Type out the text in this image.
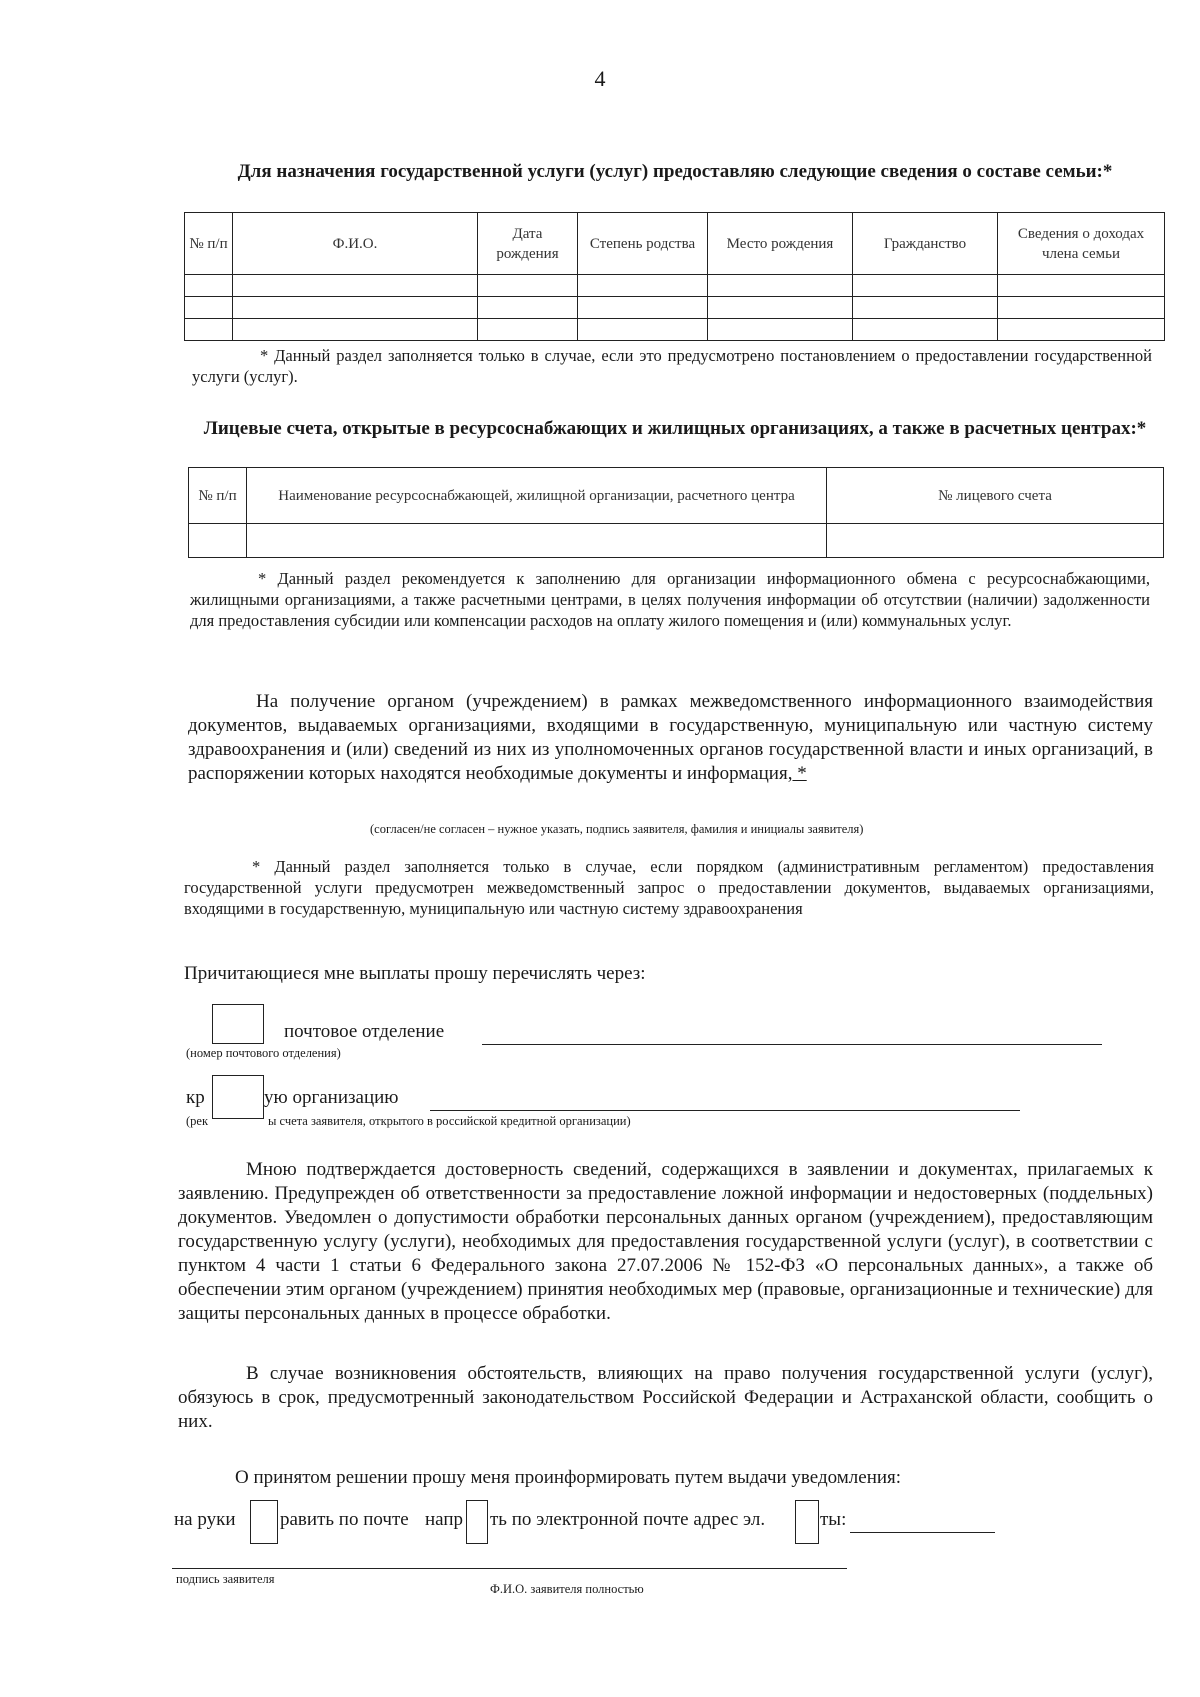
4
Для назначения государственной услуги (услуг) предоставляю следующие сведения о составе семьи:*
№ п/п	Ф.И.О.	Дата рождения	Степень родства	Место рождения	Гражданство	Сведения о доходах члена семьи

* Данный раздел заполняется только в случае, если это предусмотрено постановлением о предоставлении государственной услуги (услуг).
Лицевые счета, открытые в ресурсоснабжающих и жилищных организациях, а также в расчетных центрах:*
№ п/п	Наименование ресурсоснабжающей, жилищной организации, расчетного центра	№ лицевого счета

* Данный раздел рекомендуется к заполнению для организации информационного обмена с ресурсоснабжающими, жилищными организациями, а также расчетными центрами, в целях получения информации об отсутствии (наличии) задолженности для предоставления субсидии или компенсации расходов на оплату жилого помещения и (или) коммунальных услуг.
На получение органом (учреждением) в рамках межведомственного информационного взаимодействия документов, выдаваемых организациями, входящими в государственную, муниципальную или частную систему здравоохранения и (или) сведений из них из уполномоченных органов государственной власти и иных организаций, в распоряжении которых находятся необходимые документы и информация, *
(согласен/не согласен – нужное указать, подпись заявителя, фамилия и инициалы заявителя)
* Данный раздел заполняется только в случае, если порядком (административным регламентом) предоставления государственной услуги предусмотрен межведомственный запрос о предоставлении документов, выдаваемых организациями, входящими в государственную, муниципальную или частную систему здравоохранения
Причитающиеся мне выплаты прошу перечислять через:
почтовое отделение
(номер почтового отделения)
кр	ую организацию
(рек	ы счета заявителя, открытого в российской кредитной организации)
Мною подтверждается достоверность сведений, содержащихся в заявлении и документах, прилагаемых к заявлению. Предупрежден об ответственности за предоставление ложной информации и недостоверных (поддельных) документов. Уведомлен о допустимости обработки персональных данных органом (учреждением), предоставляющим государственную услугу (услуги), необходимых для предоставления государственной услуги (услуг), в соответствии с пунктом 4 части 1 статьи 6 Федерального закона 27.07.2006 № 152-ФЗ «О персональных данных», а также об обеспечении этим органом (учреждением) принятия необходимых мер (правовые, организационные и технические) для защиты персональных данных в процессе обработки.
В случае возникновения обстоятельств, влияющих на право получения государственной услуги (услуг), обязуюсь в срок, предусмотренный законодательством Российской Федерации и Астраханской области, сообщить о них.
О принятом решении прошу меня проинформировать путем выдачи уведомления:
на руки равить по почте напр ть по электронной почте адрес эл.	ты:
подпись заявителя
Ф.И.О. заявителя полностью
